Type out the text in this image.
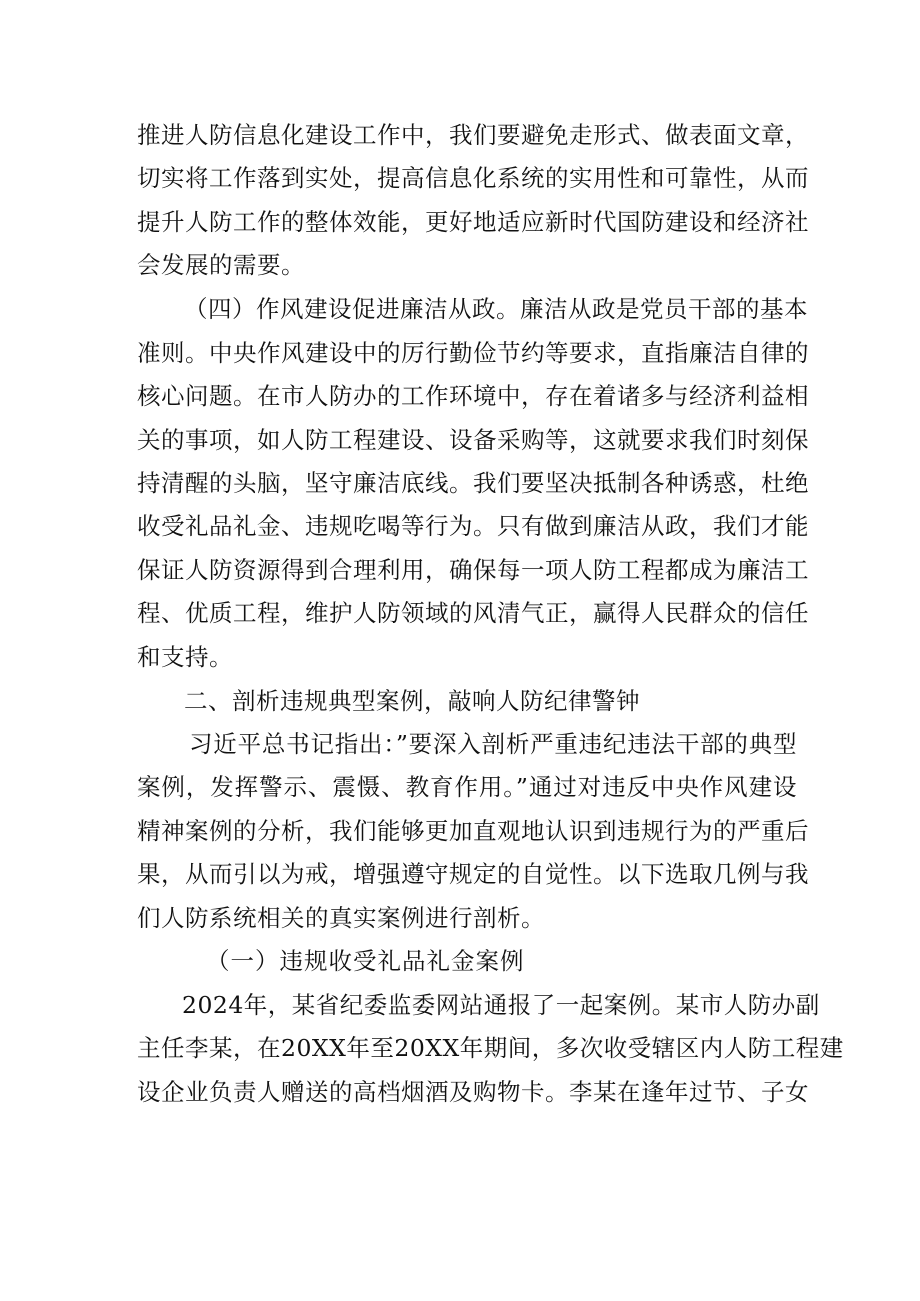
推进人防信息化建设工作中，我们要避免走形式、做表面文章，
切实将工作落到实处，提高信息化系统的实用性和可靠性，从而
提升人防工作的整体效能，更好地适应新时代国防建设和经济社
会发展的需要。
（四）作风建设促进廉洁从政。廉洁从政是党员干部的基本
准则。中央作风建设中的厉行勤俭节约等要求，直指廉洁自律的
核心问题。在市人防办的工作环境中，存在着诸多与经济利益相
关的事项，如人防工程建设、设备采购等，这就要求我们时刻保
持清醒的头脑，坚守廉洁底线。我们要坚决抵制各种诱惑，杜绝
收受礼品礼金、违规吃喝等行为。只有做到廉洁从政，我们才能
保证人防资源得到合理利用，确保每一项人防工程都成为廉洁工
程、优质工程，维护人防领域的风清气正，赢得人民群众的信任
和支持。
二、剖析违规典型案例，敲响人防纪律警钟
习近平总书记指出：”要深入剖析严重违纪违法干部的典型
案例，发挥警示、震慑、教育作用。”通过对违反中央作风建设
精神案例的分析，我们能够更加直观地认识到违规行为的严重后
果，从而引以为戒，增强遵守规定的自觉性。以下选取几例与我
们人防系统相关的真实案例进行剖析。
（一）违规收受礼品礼金案例
2024年，某省纪委监委网站通报了一起案例。某市人防办副
主任李某，在20XX年至20XX年期间，多次收受辖区内人防工程建
设企业负责人赠送的高档烟酒及购物卡。李某在逢年过节、子女
